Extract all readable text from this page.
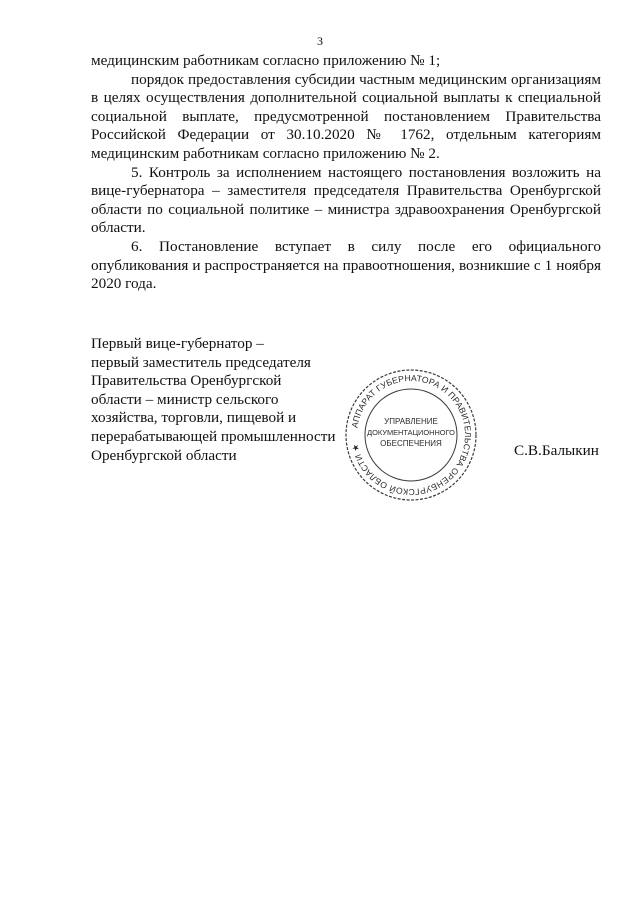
3

медицинским работникам согласно приложению № 1;

порядок предоставления субсидии частным медицинским организациям в целях осуществления дополнительной социальной выплаты к специальной социальной выплате, предусмотренной постановлением Правительства Российской Федерации от 30.10.2020 № 1762, отдельным категориям медицинским работникам согласно приложению № 2.

5. Контроль за исполнением настоящего постановления возложить на вице-губернатора – заместителя председателя Правительства Оренбургской области по социальной политике – министра здравоохранения Оренбургской области.

6. Постановление вступает в силу после его официального опубликования и распространяется на правоотношения, возникшие с 1 ноября 2020 года.

Первый вице-губернатор –
первый заместитель председателя
Правительства Оренбургской
области – министр сельского
хозяйства, торговли, пищевой и
перерабатывающей промышленности
Оренбургской области	С.В.Балыкин
АППАРАТ ГУБЕРНАТОРА И ПРАВИТЕЛЬСТВА ОРЕНБУРГСКОЙ ОБЛАСТИ ★
УПРАВЛЕНИЕ
ДОКУМЕНТАЦИОННОГО
ОБЕСПЕЧЕНИЯ
